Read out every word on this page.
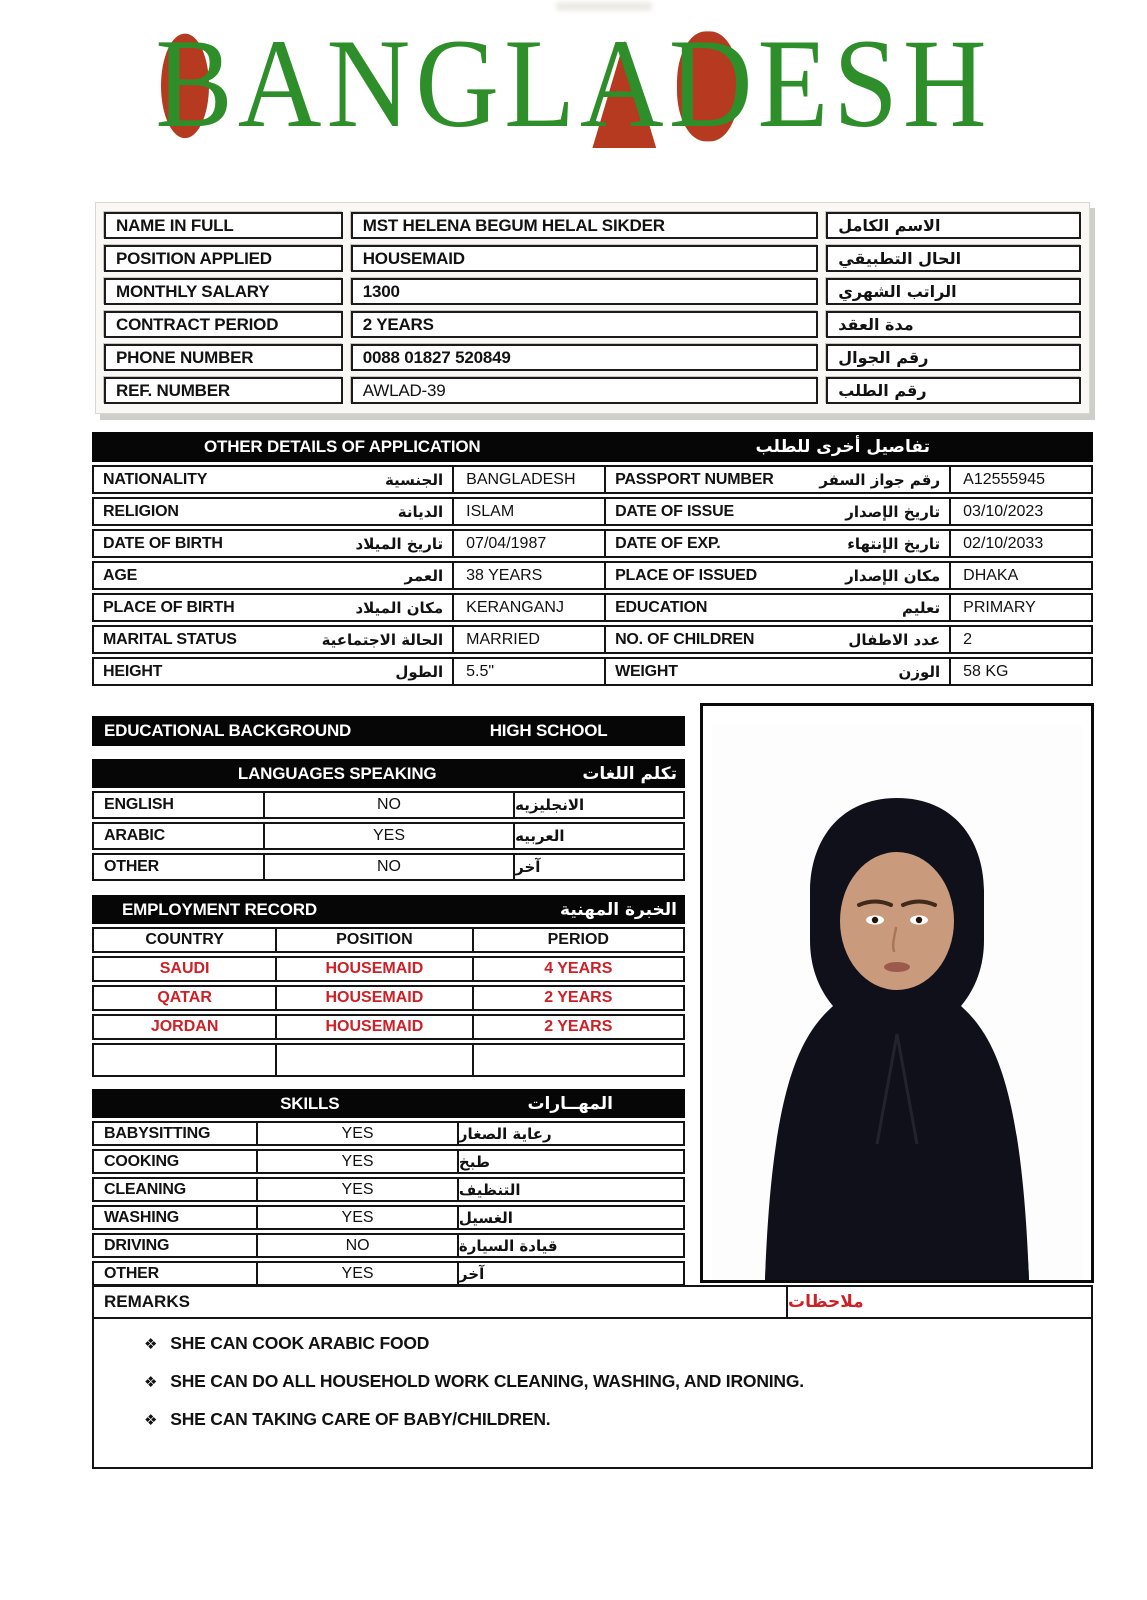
BANGLADESH
NAME IN FULL	MST HELENA BEGUM HELAL SIKDER	الاسم الكامل
POSITION APPLIED	HOUSEMAID	الحال التطبيقي
MONTHLY SALARY	1300	الراتب الشهري
CONTRACT PERIOD	2 YEARS	مدة العقد
PHONE NUMBER	0088 01827 520849	رقم الجوال
REF. NUMBER	AWLAD-39	رقم الطلب
OTHER DETAILS OF APPLICATION	تفاصيل أخرى للطلب
NATIONALITY	الجنسية	BANGLADESH	PASSPORT NUMBER	رقم جواز السفر	A12555945
RELIGION	الديانة	ISLAM	DATE OF ISSUE	تاريخ الإصدار	03/10/2023
DATE OF BIRTH	تاريخ الميلاد	07/04/1987	DATE OF EXP.	تاريخ الإنتهاء	02/10/2033
AGE	العمر	38 YEARS	PLACE OF ISSUED	مكان الإصدار	DHAKA
PLACE OF BIRTH	مكان الميلاد	KERANGANJ	EDUCATION	تعليم	PRIMARY
MARITAL STATUS	الحالة الاجتماعية	MARRIED	NO. OF CHILDREN	عدد الاطفال	2
HEIGHT	الطول	5.5"	WEIGHT	الوزن	58 KG
EDUCATIONAL BACKGROUND	HIGH SCHOOL
LANGUAGES SPEAKING	تكلم اللغات
ENGLISH	NO	الانجليزيه
ARABIC	YES	العربيه
OTHER	NO	آخر
EMPLOYMENT RECORD	الخبرة المهنية
COUNTRY	POSITION	PERIOD
SAUDI	HOUSEMAID	4 YEARS
QATAR	HOUSEMAID	2 YEARS
JORDAN	HOUSEMAID	2 YEARS
SKILLS	المهــارات
BABYSITTING	YES	رعاية الصغار
COOKING	YES	طبخ
CLEANING	YES	التنظيف
WASHING	YES	الغسيل
DRIVING	NO	قيادة السيارة
OTHER	YES	آخر
REMARKS	ملاحظات
❖ SHE CAN COOK ARABIC FOOD
❖ SHE CAN DO ALL HOUSEHOLD WORK CLEANING, WASHING, AND IRONING.
❖ SHE CAN TAKING CARE OF BABY/CHILDREN.
